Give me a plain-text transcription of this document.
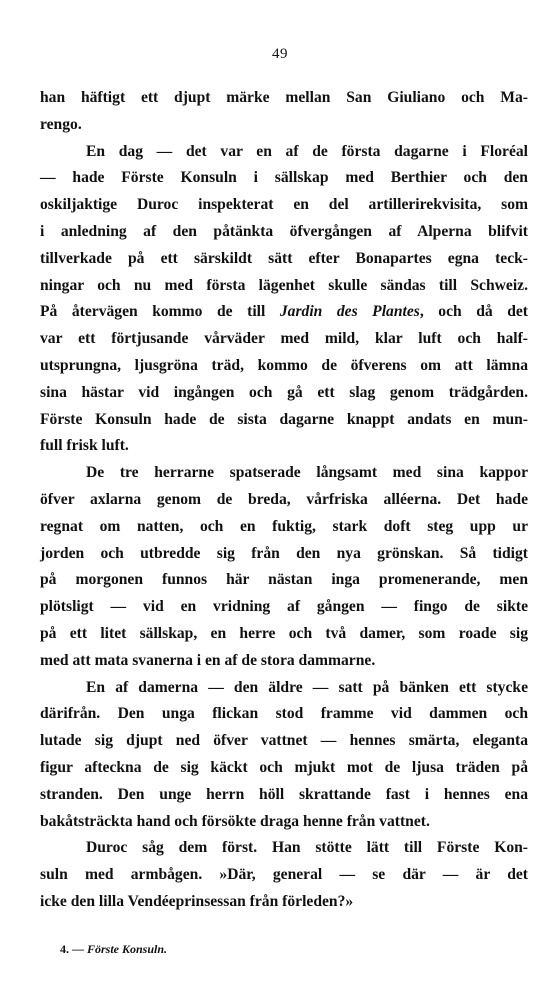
49
han häftigt ett djupt märke mellan San Giuliano och Ma-
rengo.
En dag — det var en af de första dagarne i Floréal
— hade Förste Konsuln i sällskap med Berthier och den
oskiljaktige Duroc inspekterat en del artillerirekvisita, som
i anledning af den påtänkta öfvergången af Alperna blifvit
tillverkade på ett särskildt sätt efter Bonapartes egna teck-
ningar och nu med första lägenhet skulle sändas till Schweiz.
På återvägen kommo de till Jardin des Plantes, och då det
var ett förtjusande vårväder med mild, klar luft och half-
utsprungna, ljusgröna träd, kommo de öfverens om att lämna
sina hästar vid ingången och gå ett slag genom trädgården.
Förste Konsuln hade de sista dagarne knappt andats en mun-
full frisk luft.
De tre herrarne spatserade långsamt med sina kappor
öfver axlarna genom de breda, vårfriska alléerna. Det hade
regnat om natten, och en fuktig, stark doft steg upp ur
jorden och utbredde sig från den nya grönskan. Så tidigt
på morgonen funnos här nästan inga promenerande, men
plötsligt — vid en vridning af gången — fingo de sikte
på ett litet sällskap, en herre och två damer, som roade sig
med att mata svanerna i en af de stora dammarne.
En af damerna — den äldre — satt på bänken ett stycke
därifrån. Den unga flickan stod framme vid dammen och
lutade sig djupt ned öfver vattnet — hennes smärta, eleganta
figur afteckna de sig käckt och mjukt mot de ljusa träden på
stranden. Den unge herrn höll skrattande fast i hennes ena
bakåtsträckta hand och försökte draga henne från vattnet.
Duroc såg dem först. Han stötte lätt till Förste Kon-
suln med armbågen. »Där, general — se där — är det
icke den lilla Vendéeprinsessan från förleden?»
4. — Förste Konsuln.
